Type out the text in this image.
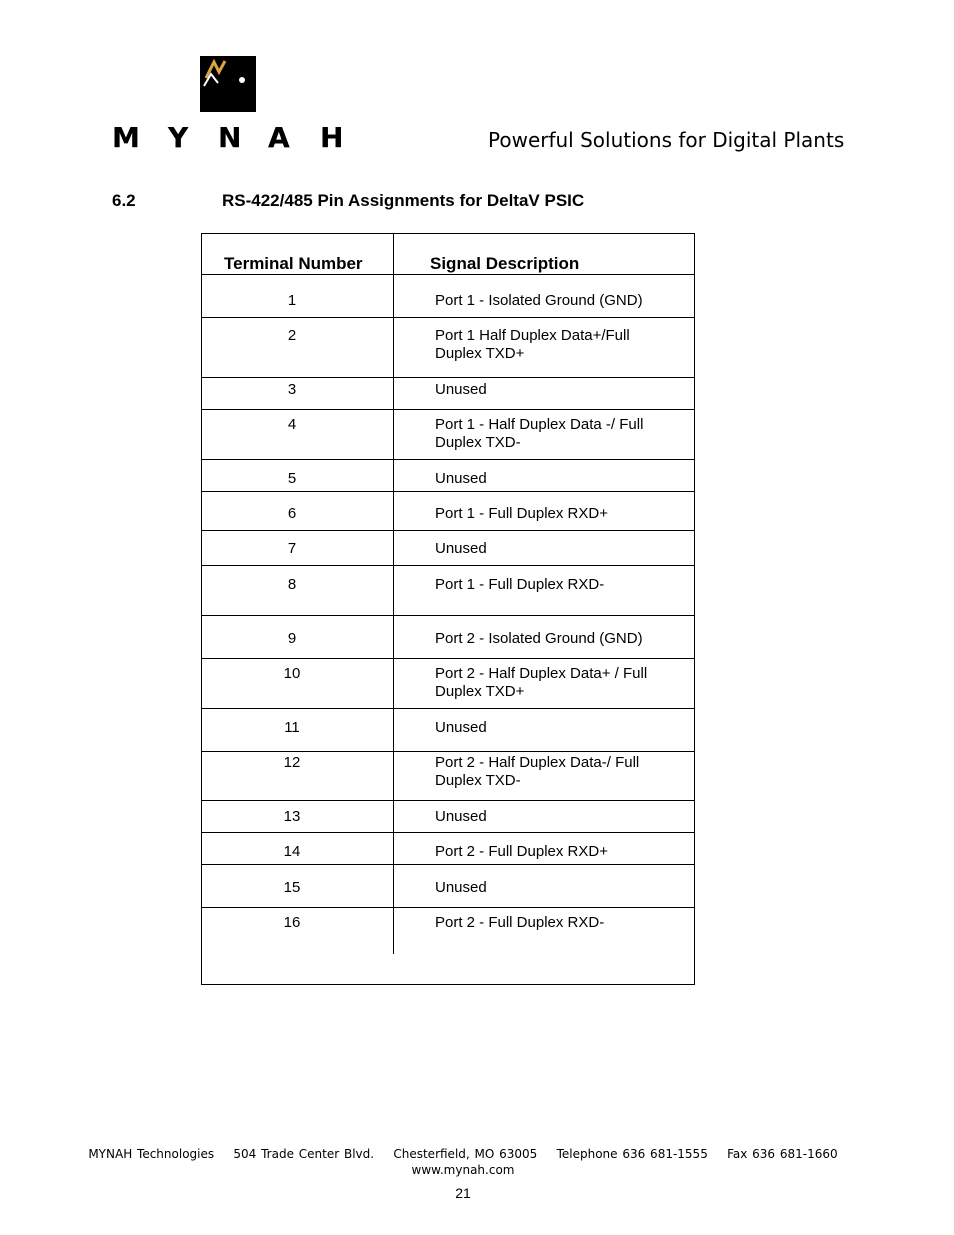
M Y N A H	Powerful Solutions for Digital Plants
6.2	RS-422/485 Pin Assignments for DeltaV PSIC
Terminal Number	Signal Description
1	Port 1 - Isolated Ground (GND)
2	Port 1 Half Duplex Data+/Full Duplex TXD+
3	Unused
4	Port 1 - Half Duplex Data -/ Full Duplex TXD-
5	Unused
6	Port 1 - Full Duplex RXD+
7	Unused
8	Port 1 - Full Duplex RXD-
9	Port 2 - Isolated Ground (GND)
10	Port 2 - Half Duplex Data+ / Full Duplex TXD+
11	Unused
12	Port 2 - Half Duplex Data-/ Full Duplex TXD-
13	Unused
14	Port 2 - Full Duplex RXD+
15	Unused
16	Port 2 - Full Duplex RXD-
MYNAH Technologies 504 Trade Center Blvd. Chesterfield, MO 63005 Telephone 636 681-1555 Fax 636 681-1660
www.mynah.com
21
